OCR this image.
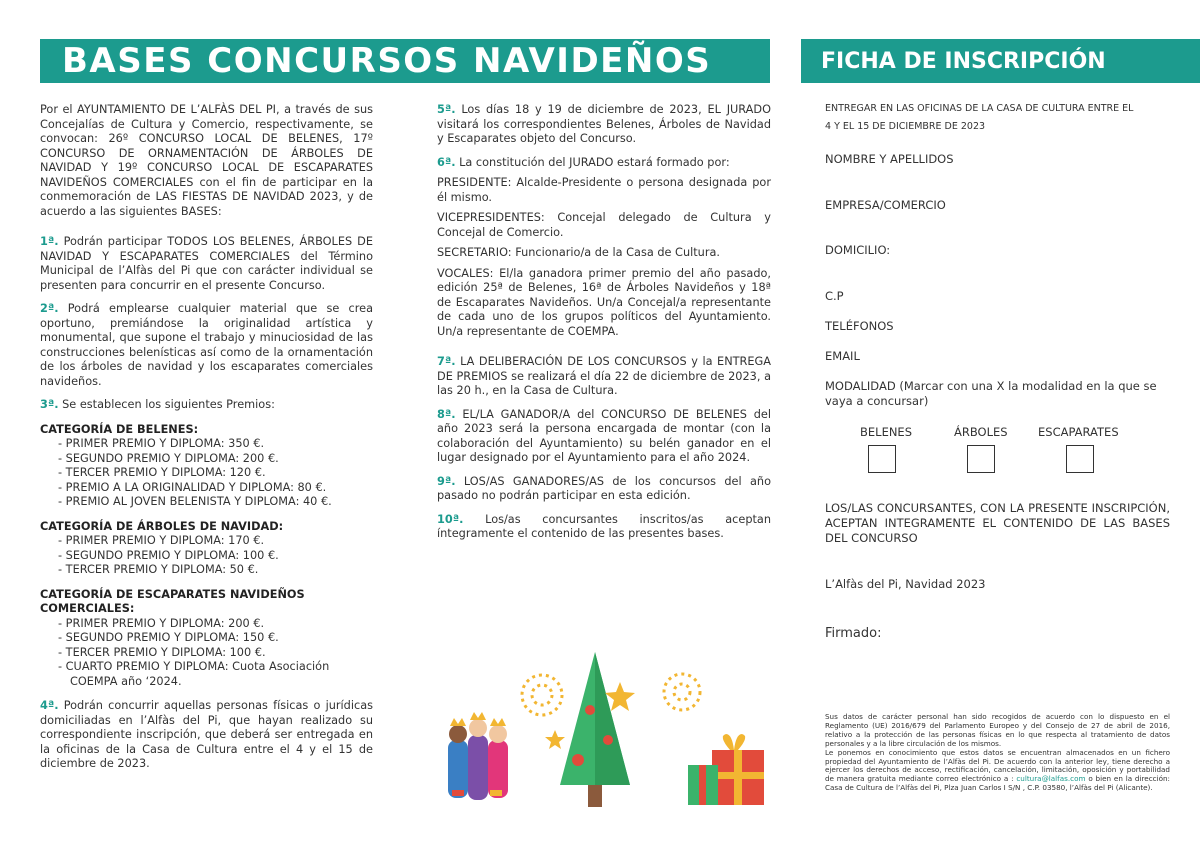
BASES CONCURSOS NAVIDEÑOS	FICHA DE INSCRIPCIÓN

Por el AYUNTAMIENTO DE L’ALFÀS DEL PI, a través de sus Concejalías de Cultura y Comercio, respectivamente, se convocan: 26º CONCURSO LOCAL DE BELENES, 17º CONCURSO DE ORNAMENTACIÓN DE ÁRBOLES DE NAVIDAD Y 19º CONCURSO LOCAL DE ESCAPARATES NAVIDEÑOS COMERCIALES con el fin de participar en la conmemoración de LAS FIESTAS DE NAVIDAD 2023, y de acuerdo a las siguientes BASES:

1ª. Podrán participar TODOS LOS BELENES, ÁRBOLES DE NAVIDAD Y ESCAPARATES COMERCIALES del Término Municipal de l’Alfàs del Pi que con carácter individual se presenten para concurrir en el presente Concurso.

2ª. Podrá emplearse cualquier material que se crea oportuno, premiándose la originalidad artística y monumental, que supone el trabajo y minuciosidad de las construcciones belenísticas así como de la ornamentación de los árboles de navidad y los escaparates comerciales navideños.

3ª. Se establecen los siguientes Premios:

CATEGORÍA DE BELENES:
- PRIMER PREMIO Y DIPLOMA: 350 €.
- SEGUNDO PREMIO Y DIPLOMA: 200 €.
- TERCER PREMIO Y DIPLOMA: 120 €.
- PREMIO A LA ORIGINALIDAD Y DIPLOMA: 80 €.
- PREMIO AL JOVEN BELENISTA Y DIPLOMA: 40 €.
CATEGORÍA DE ÁRBOLES DE NAVIDAD:
- PRIMER PREMIO Y DIPLOMA: 170 €.
- SEGUNDO PREMIO Y DIPLOMA: 100 €.
- TERCER PREMIO Y DIPLOMA: 50 €.
CATEGORÍA DE ESCAPARATES NAVIDEÑOS COMERCIALES:
- PRIMER PREMIO Y DIPLOMA: 200 €.
- SEGUNDO PREMIO Y DIPLOMA: 150 €.
- TERCER PREMIO Y DIPLOMA: 100 €.
- CUARTO PREMIO Y DIPLOMA: Cuota Asociación COEMPA año ‘2024.

4ª. Podrán concurrir aquellas personas físicas o jurídicas domiciliadas en l’Alfàs del Pi, que hayan realizado su correspondiente inscripción, que deberá ser entregada en la oficinas de la Casa de Cultura entre el 4 y el 15 de diciembre de 2023.

5ª. Los días 18 y 19 de diciembre de 2023, EL JURADO visitará los correspondientes Belenes, Árboles de Navidad y Escaparates objeto del Concurso.

6ª. La constitución del JURADO estará formado por:

PRESIDENTE: Alcalde-Presidente o persona designada por él mismo.

VICEPRESIDENTES: Concejal delegado de Cultura y Concejal de Comercio.

SECRETARIO: Funcionario/a de la Casa de Cultura.

VOCALES: El/la ganadora primer premio del año pasado, edición 25ª de Belenes, 16ª de Árboles Navideños y 18ª de Escaparates Navideños. Un/a Concejal/a representante de cada uno de los grupos políticos del Ayuntamiento. Un/a representante de COEMPA.

7ª. LA DELIBERACIÓN DE LOS CONCURSOS y la ENTREGA DE PREMIOS se realizará el día 22 de diciembre de 2023, a las 20 h., en la Casa de Cultura.

8ª. EL/LA GANADOR/A del CONCURSO DE BELENES del año 2023 será la persona encargada de montar (con la colaboración del Ayuntamiento) su belén ganador en el lugar designado por el Ayuntamiento para el año 2024.

9ª. LOS/AS GANADORES/AS de los concursos del año pasado no podrán participar en esta edición.

10ª. Los/as concursantes inscritos/as aceptan íntegramente el contenido de las presentes bases.

ENTREGAR EN LAS OFICINAS DE LA CASA DE CULTURA ENTRE EL
4 Y EL 15 DE DICIEMBRE DE 2023
NOMBRE Y APELLIDOS
EMPRESA/COMERCIO
DOMICILIO:
C.P
TELÉFONOS
EMAIL
MODALIDAD (Marcar con una X la modalidad en la que se vaya a concursar)
BELENES	ÁRBOLES	ESCAPARATES
LOS/LAS CONCURSANTES, CON LA PRESENTE INSCRIPCIÓN, ACEPTAN INTEGRAMENTE EL CONTENIDO DE LAS BASES DEL CONCURSO
L’Alfàs del Pi, Navidad 2023
Firmado:
Sus datos de carácter personal han sido recogidos de acuerdo con lo dispuesto en el Reglamento (UE) 2016/679 del Parlamento Europeo y del Consejo de 27 de abril de 2016, relativo a la protección de las personas físicas en lo que respecta al tratamiento de datos personales y a la libre circulación de los mismos.
Le ponemos en conocimiento que estos datos se encuentran almacenados en un fichero propiedad del Ayuntamiento de l’Alfàs del Pi. De acuerdo con la anterior ley, tiene derecho a ejercer los derechos de acceso, rectificación, cancelación, limitación, oposición y portabilidad de manera gratuita mediante correo electrónico a : cultura@lalfas.com o bien en la dirección: Casa de Cultura de l’Alfàs del Pi, Plza Juan Carlos I S/N , C.P. 03580, l’Alfàs del Pi (Alicante).
